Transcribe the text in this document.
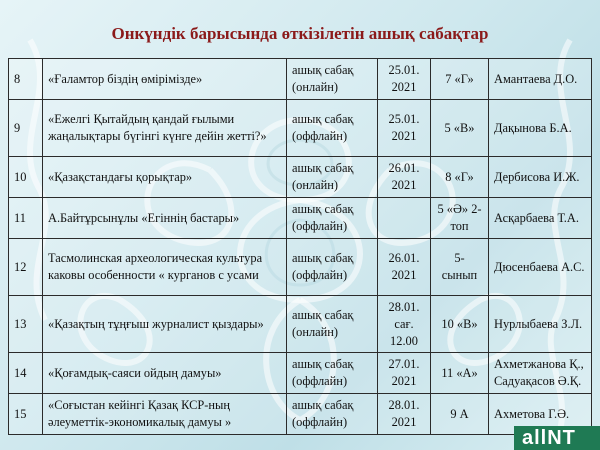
Онкүндік барысында өткізілетін ашық сабақтар
8	«Ғаламтор біздің өмірімізде»	ашық сабақ (онлайн)	25.01. 2021	7 «Г»	Амантаева Д.О.
9	«Ежелгі Қытайдың қандай ғылыми жаңалықтары бүгінгі күнге дейін жетті?»	ашық сабақ (оффлайн)	25.01. 2021	5 «В»	Дақынова Б.А.
10	«Қазақстандағы қорықтар»	ашық сабақ (онлайн)	26.01. 2021	8 «Г»	Дербисова И.Ж.
11	А.Байтұрсынұлы «Егіннің бастары»	ашық сабақ (оффлайн)		5 «Ә» 2-топ	Асқарбаева Т.А.
12	Тасмолинская археологическая культура каковы особенности « курганов с усами	ашық сабақ (оффлайн)	26.01. 2021	5- сынып	Дюсенбаева А.С.
13	«Қазақтың тұңғыш журналист қыздары»	ашық сабақ (онлайн)	28.01. сағ. 12.00	10 «В»	Нурлыбаева З.Л.
14	«Қоғамдық-саяси ойдың дамуы»	ашық сабақ (оффлайн)	27.01. 2021	11 «А»	Ахметжанова Қ., Садуақасов Ә.Қ.
15	«Соғыстан кейінгі Қазақ КСР-ның әлеуметтік-экономикалық дамуы »	ашық сабақ (оффлайн)	28.01. 2021	9 А	Ахметова Г.Ә.
allNT
